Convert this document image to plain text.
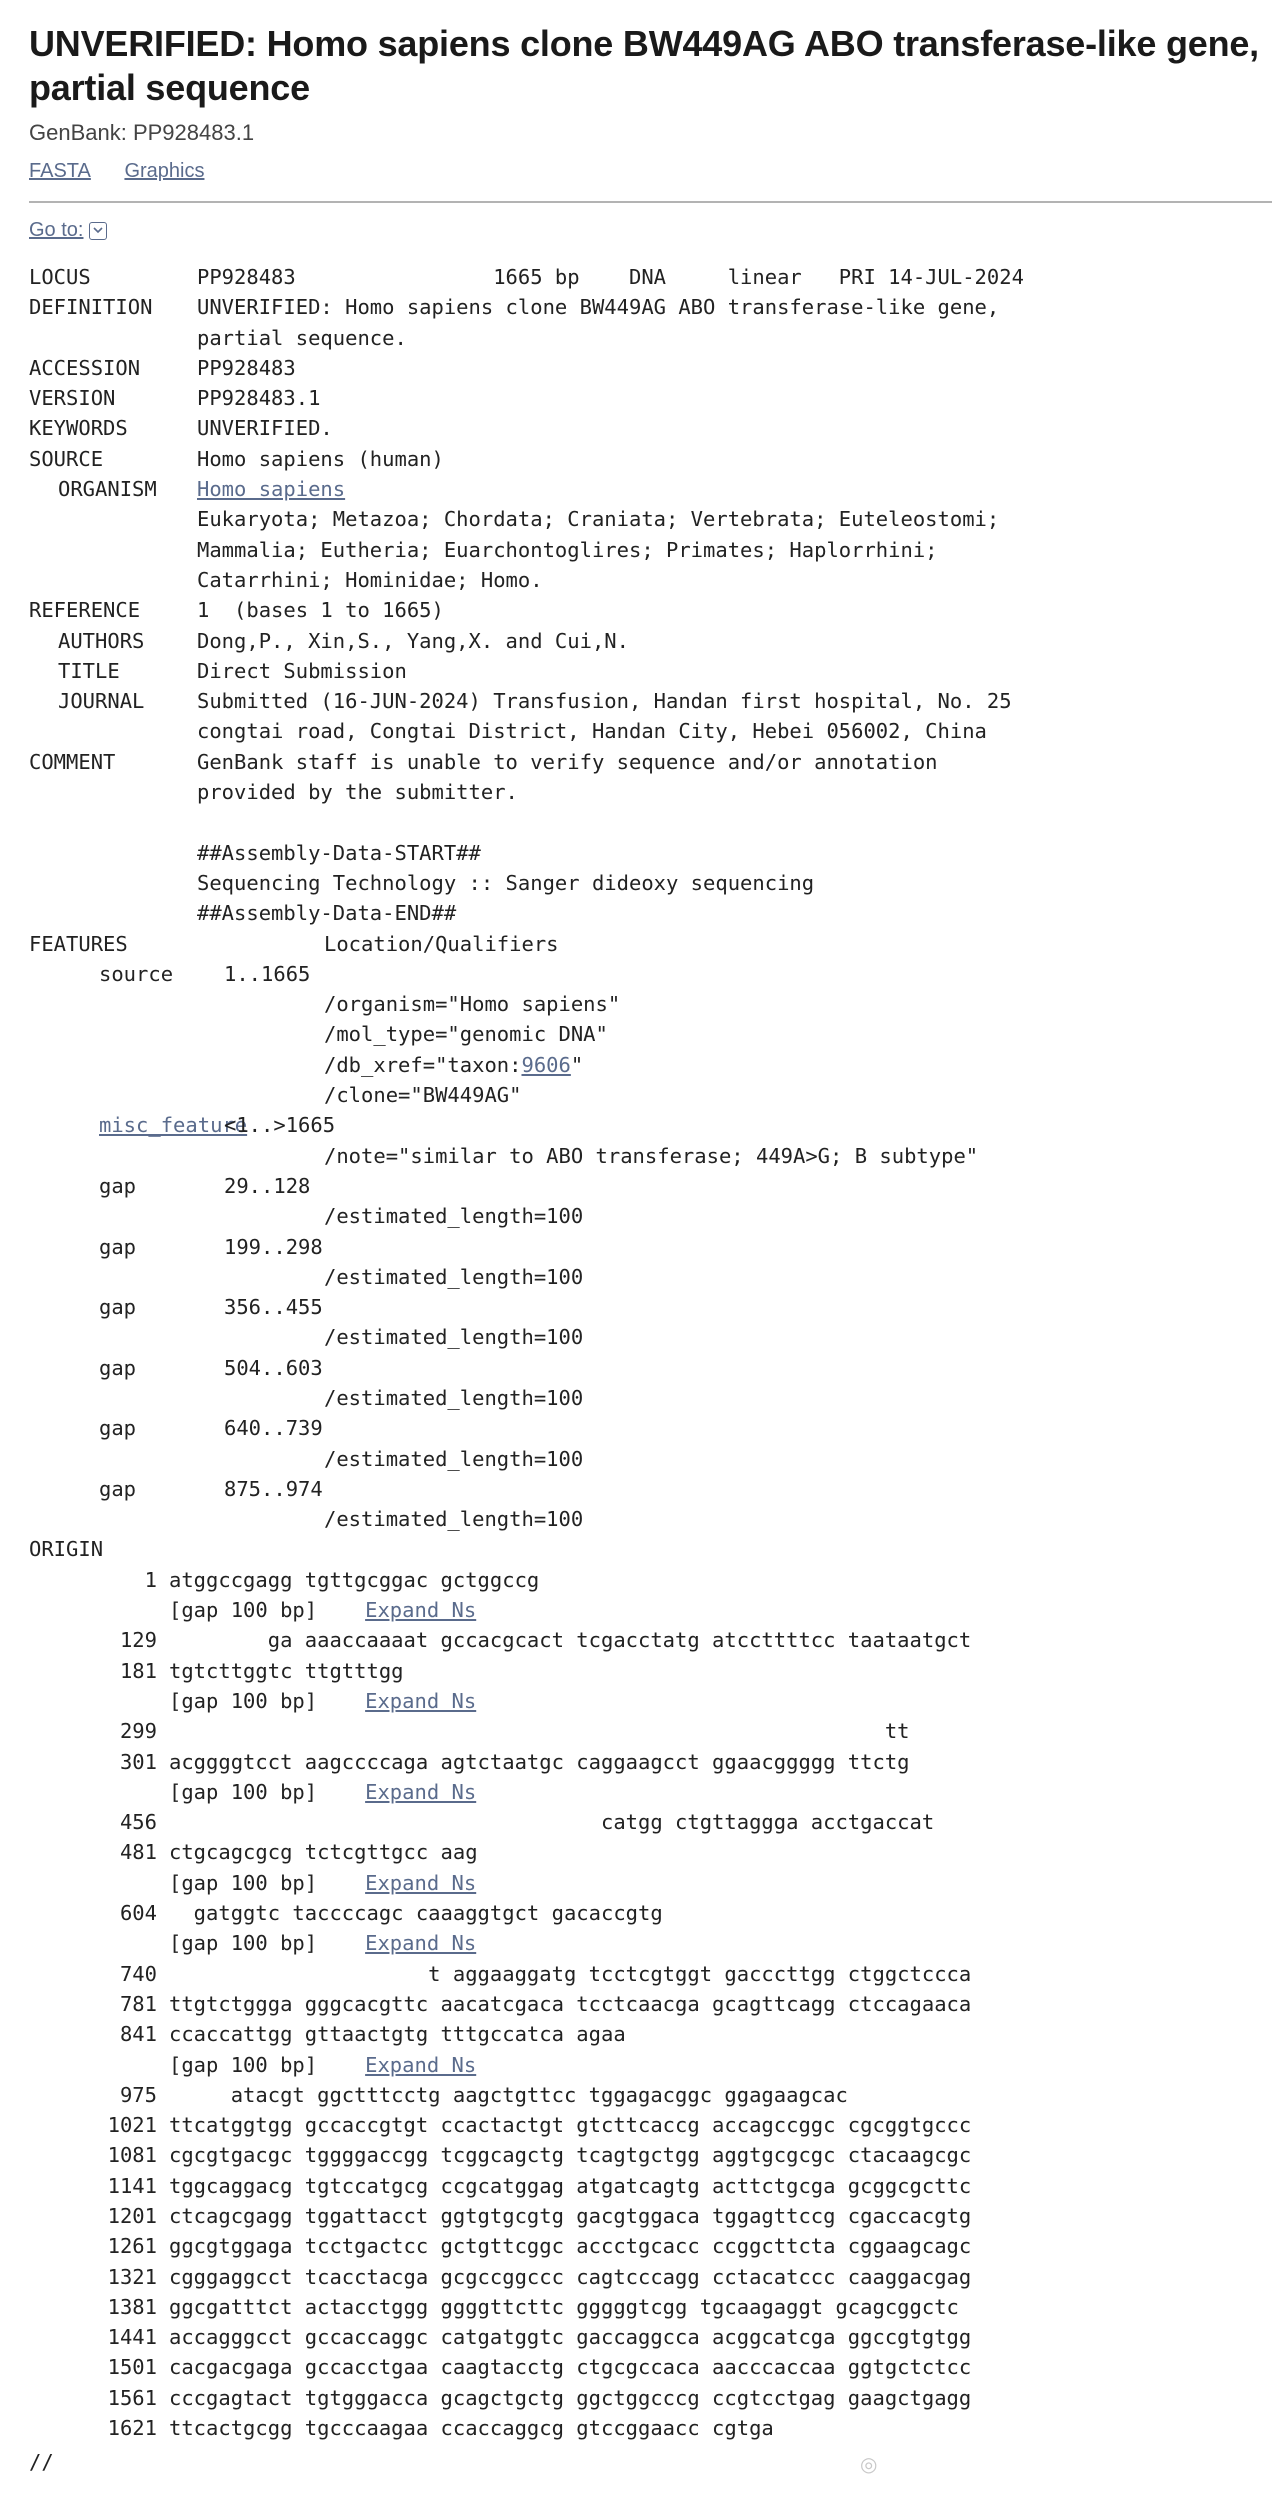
UNVERIFIED: Homo sapiens clone BW449AG ABO transferase-like gene, partial sequence
GenBank: PP928483.1
FASTA Graphics
Go to:
LOCUS	PP928483                1665 bp    DNA     linear   PRI 14-JUL-2024
DEFINITION UNVERIFIED: Homo sapiens clone BW449AG ABO transferase-like gene,
partial sequence.
ACCESSION	PP928483
VERSION	PP928483.1
KEYWORDS	UNVERIFIED.
SOURCE	Homo sapiens (human)
ORGANISM Homo sapiens
Eukaryota; Metazoa; Chordata; Craniata; Vertebrata; Euteleostomi;
Mammalia; Eutheria; Euarchontoglires; Primates; Haplorrhini;
Catarrhini; Hominidae; Homo.
REFERENCE	1  (bases 1 to 1665)
AUTHORS	Dong,P., Xin,S., Yang,X. and Cui,N.
TITLE	Direct Submission
JOURNAL	Submitted (16-JUN-2024) Transfusion, Handan first hospital, No. 25
congtai road, Congtai District, Handan City, Hebei 056002, China
COMMENT	GenBank staff is unable to verify sequence and/or annotation
provided by the submitter.
##Assembly-Data-START##
Sequencing Technology :: Sanger dideoxy sequencing
##Assembly-Data-END##
FEATURES	Location/Qualifiers
source 1..1665
/organism="Homo sapiens"
/mol_type="genomic DNA"
/db_xref="taxon:9606"
/clone="BW449AG"
misc_feature<1..>1665
/note="similar to ABO transferase; 449A>G; B subtype"
gap	29..128
/estimated_length=100
gap	199..298
/estimated_length=100
gap	356..455
/estimated_length=100
gap	504..603
/estimated_length=100
gap	640..739
/estimated_length=100
gap	875..974
/estimated_length=100
ORIGIN
1 atggccgagg tgttgcggac gctggccg
[gap 100 bp] Expand Ns
129        ga aaaccaaaat gccacgcact tcgacctatg atccttttcc taataatgct
181 tgtcttggtc ttgtttgg
[gap 100 bp] Expand Ns
299                                                          tt
301 acggggtcct aagccccaga agtctaatgc caggaagcct ggaacggggg ttctg
[gap 100 bp] Expand Ns
456                                   catgg ctgttaggga acctgaccat
481 ctgcagcgcg tctcgttgcc aag
[gap 100 bp] Expand Ns
604  gatggtc taccccagc caaaggtgct gacaccgtg
[gap 100 bp] Expand Ns
740                     t aggaaggatg tcctcgtggt gacccttgg ctggctccca
781 ttgtctggga gggcacgttc aacatcgaca tcctcaacga gcagttcagg ctccagaaca
841 ccaccattgg gttaactgtg tttgccatca agaa
[gap 100 bp] Expand Ns
975     atacgt ggctttcctg aagctgttcc tggagacggc ggagaagcac
1021 ttcatggtgg gccaccgtgt ccactactgt gtcttcaccg accagccggc cgcggtgccc
1081 cgcgtgacgc tggggaccgg tcggcagctg tcagtgctgg aggtgcgcgc ctacaagcgc
1141 tggcaggacg tgtccatgcg ccgcatggag atgatcagtg acttctgcga gcggcgcttc
1201 ctcagcgagg tggattacct ggtgtgcgtg gacgtggaca tggagttccg cgaccacgtg
1261 ggcgtggaga tcctgactcc gctgttcggc accctgcacc ccggcttcta cggaagcagc
1321 cgggaggcct tcacctacga gcgccggccc cagtcccagg cctacatccc caaggacgag
1381 ggcgatttct actacctggg ggggttcttc gggggtcgg tgcaagaggt gcagcggctc
1441 accagggcct gccaccaggc catgatggtc gaccaggcca acggcatcga ggccgtgtgg
1501 cacgacgaga gccacctgaa caagtacctg ctgcgccaca aacccaccaa ggtgctctcc
1561 cccgagtact tgtgggacca gcagctgctg ggctggcccg ccgtcctgag gaagctgagg
1621 ttcactgcgg tgcccaagaa ccaccaggcg gtccggaacc cgtga
//	◎
